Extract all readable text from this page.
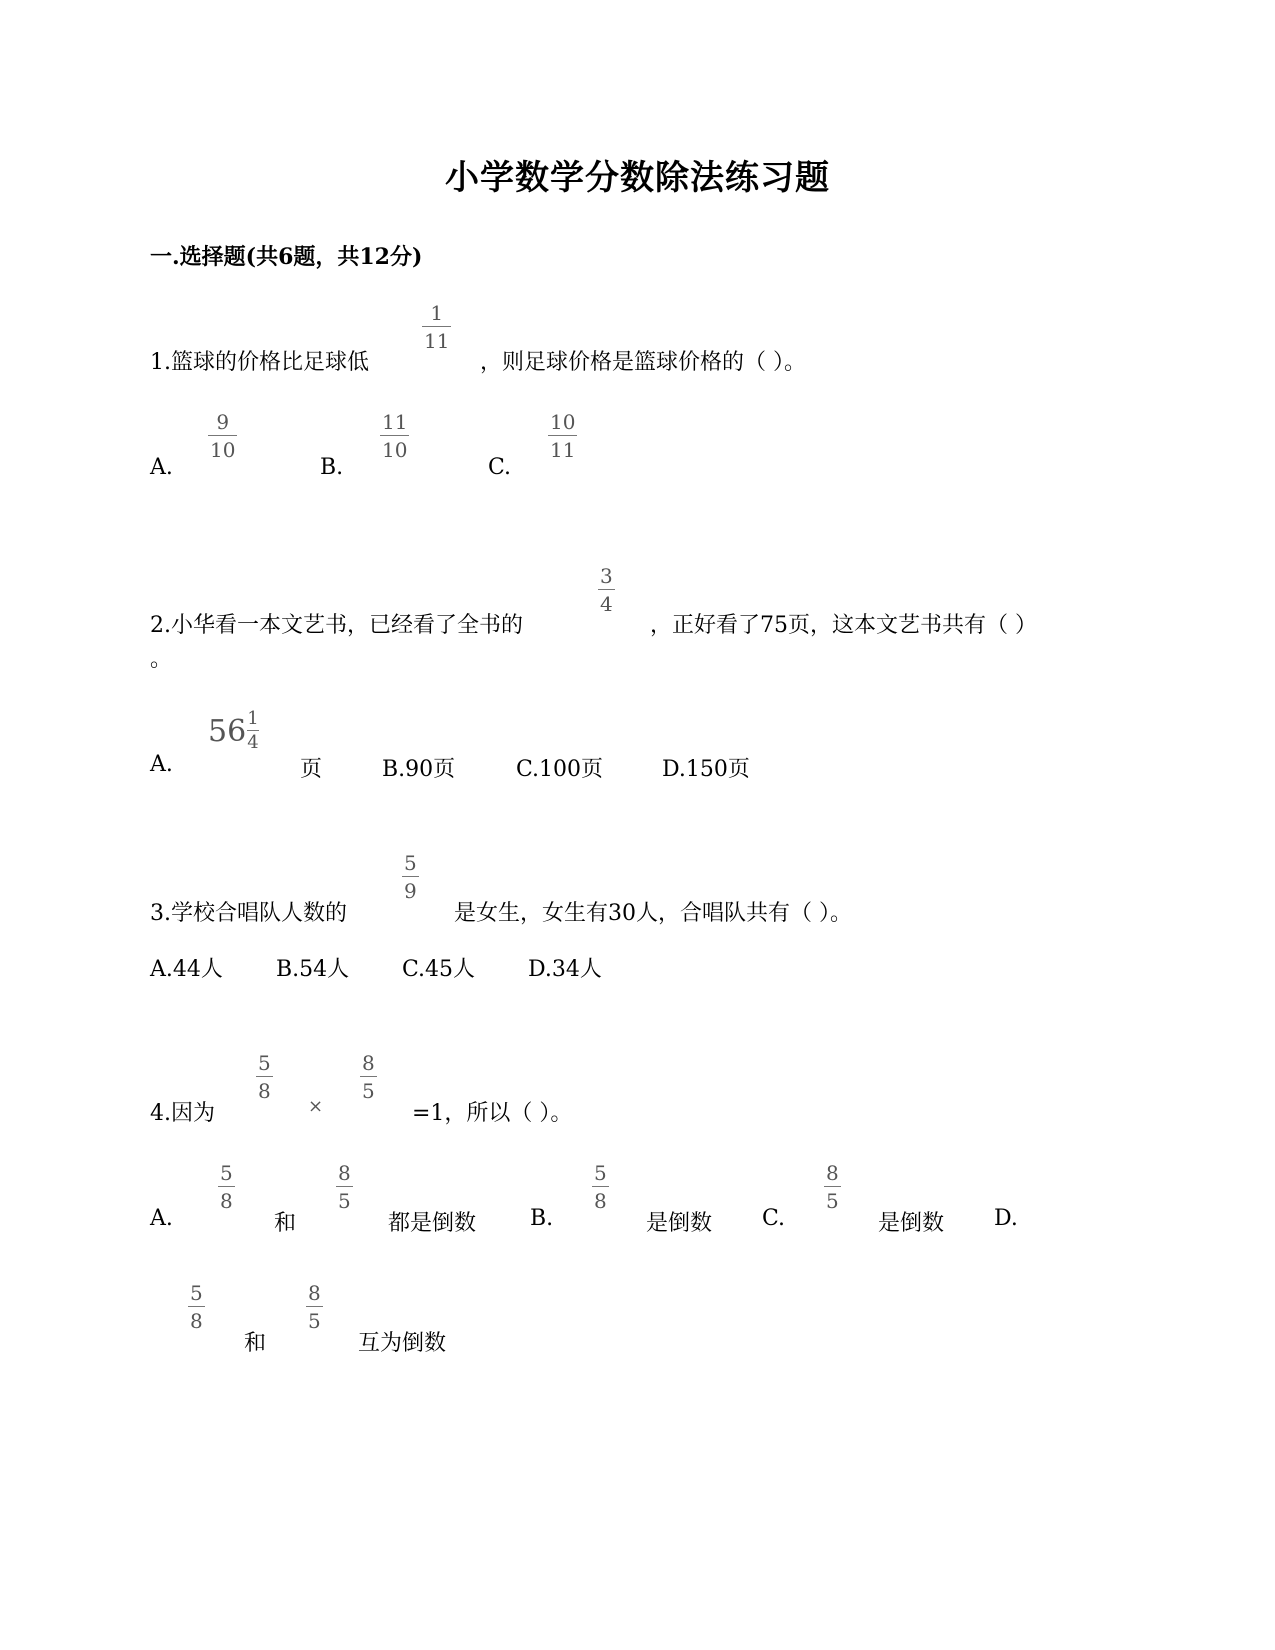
小学数学分数除法练习题
一.选择题(共6题，共12分)
1.篮球的价格比足球低
1
11
，则足球价格是篮球价格的（ ）。
A.
9
10
B.
11
10
C.
10
11
2.小华看一本文艺书，已经看了全书的
3
4
，正好看了75页，这本文艺书共有（ ）
。
A.
56 1
4
页	B.90页	C.100页	D.150页
3.学校合唱队人数的
5
9
是女生，女生有30人，合唱队共有（ ）。
A.44人 B.54人 C.45人 D.34人
4.因为
5
8
×
8
5
=1，所以（ ）。
A.
5
8
和
8
5
都是倒数 B.
5
8
是倒数 C.
8
5
是倒数 D.
5
8
和
8
5
互为倒数
